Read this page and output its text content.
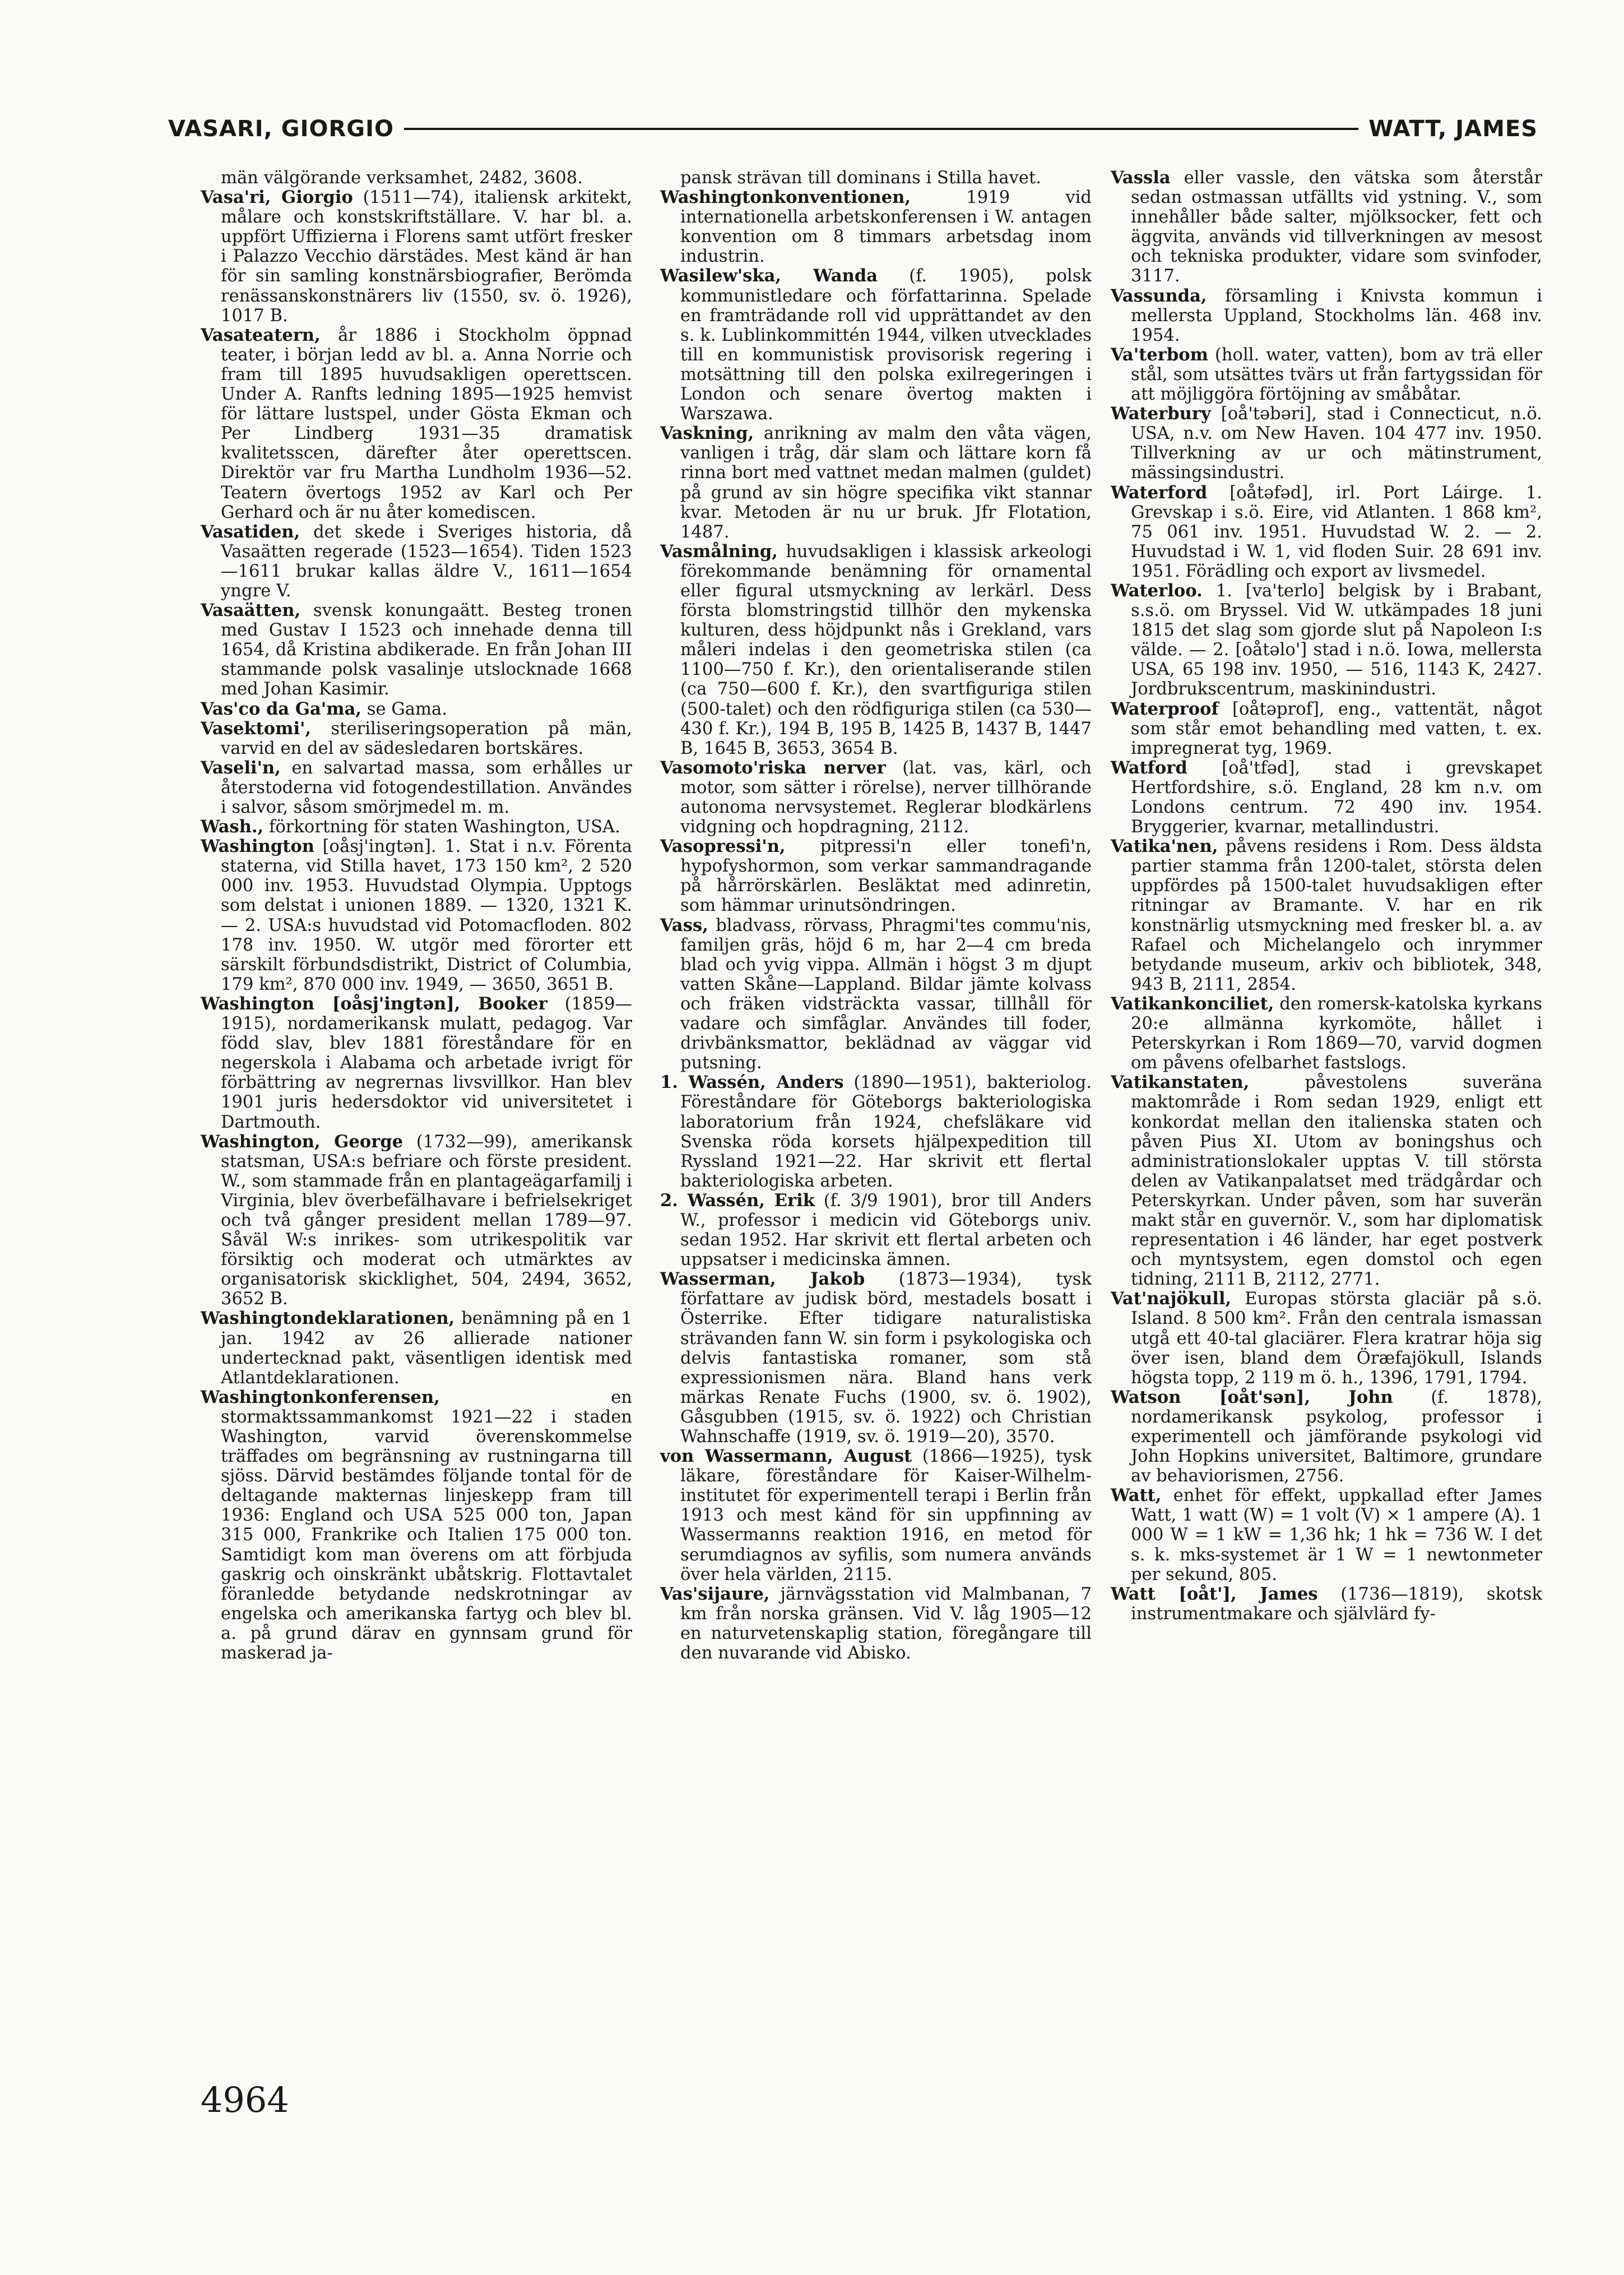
VASARI, GIORGIO	WATT, JAMES

män välgörande verksamhet, 2482, 3608.

Vasa'ri, Giorgio (1511—74), italiensk arkitekt, målare och konstskriftställare. V. har bl. a. uppfört Uffizierna i Florens samt utfört fresker i Palazzo Vecchio därstädes. Mest känd är han för sin samling konstnärsbiografier, Berömda renässanskonstnärers liv (1550, sv. ö. 1926), 1017 B.

Vasateatern, år 1886 i Stockholm öppnad teater, i början ledd av bl. a. Anna Norrie och fram till 1895 huvudsakligen operettscen. Under A. Ranfts ledning 1895—1925 hemvist för lättare lustspel, under Gösta Ekman och Per Lindberg 1931—35 dramatisk kvalitetsscen, därefter åter operettscen. Direktör var fru Martha Lundholm 1936—52. Teatern övertogs 1952 av Karl och Per Gerhard och är nu åter komediscen.

Vasatiden, det skede i Sveriges historia, då Vasaätten regerade (1523—1654). Tiden 1523—1611 brukar kallas äldre V., 1611—1654 yngre V.

Vasaätten, svensk konungaätt. Besteg tronen med Gustav I 1523 och innehade denna till 1654, då Kristina abdikerade. En från Johan III stammande polsk vasalinje utslocknade 1668 med Johan Kasimir.

Vas'co da Ga'ma, se Gama.

Vasektomi', steriliseringsoperation på män, varvid en del av sädesledaren bortskäres.

Vaseli'n, en salvartad massa, som erhålles ur återstoderna vid fotogendestillation. Användes i salvor, såsom smörjmedel m. m.

Wash., förkortning för staten Washington, USA.

Washington [oåsj'ingtən]. 1. Stat i n.v. Förenta staterna, vid Stilla havet, 173 150 km², 2 520 000 inv. 1953. Huvudstad Olympia. Upptogs som delstat i unionen 1889. — 1320, 1321 K. — 2. USA:s huvudstad vid Potomacfloden. 802 178 inv. 1950. W. utgör med förorter ett särskilt förbundsdistrikt, District of Columbia, 179 km², 870 000 inv. 1949, — 3650, 3651 B.

Washington [oåsj'ingtən], Booker (1859—1915), nordamerikansk mulatt, pedagog. Var född slav, blev 1881 föreståndare för en negerskola i Alabama och arbetade ivrigt för förbättring av negrernas livsvillkor. Han blev 1901 juris hedersdoktor vid universitetet i Dartmouth.

Washington, George (1732—99), amerikansk statsman, USA:s befriare och förste president. W., som stammade från en plantageägarfamilj i Virginia, blev överbefälhavare i befrielsekriget och två gånger president mellan 1789—97. Såväl W:s inrikes- som utrikespolitik var försiktig och moderat och utmärktes av organisatorisk skicklighet, 504, 2494, 3652, 3652 B.

Washingtondeklarationen, benämning på en 1 jan. 1942 av 26 allierade nationer undertecknad pakt, väsentligen identisk med Atlantdeklarationen.

Washingtonkonferensen,	en stormaktssammankomst 1921—22 i staden Washington, varvid överenskommelse träffades om begränsning av rustningarna till sjöss. Därvid bestämdes följande tontal för de deltagande makternas linjeskepp fram till 1936: England och USA 525 000 ton, Japan 315 000, Frankrike och Italien 175 000 ton. Samtidigt kom man överens om att förbjuda gaskrig och oinskränkt ubåtskrig. Flottavtalet föranledde betydande nedskrotningar av engelska och amerikanska fartyg och blev bl. a. på grund därav en gynnsam grund för maskerad ja-

pansk strävan till dominans i Stilla havet.

Washingtonkonventionen,	1919 vid internationella arbetskonferensen i W. antagen konvention om 8 timmars arbetsdag inom industrin.

Wasilew'ska, Wanda (f. 1905), polsk kommunistledare och författarinna. Spelade en framträdande roll vid upprättandet av den s. k. Lublinkommittén 1944, vilken utvecklades till en kommunistisk provisorisk regering i motsättning till den polska exilregeringen i London och senare övertog makten i Warszawa.

Vaskning, anrikning av malm den våta vägen, vanligen i tråg, där slam och lättare korn få rinna bort med vattnet medan malmen (guldet) på grund av sin högre specifika vikt stannar kvar. Metoden är nu ur bruk. Jfr Flotation, 1487.

Vasmålning, huvudsakligen i klassisk arkeologi förekommande benämning för ornamental eller figural utsmyckning av lerkärl. Dess första blomstringstid tillhör den mykenska kulturen, dess höjdpunkt nås i Grekland, vars måleri indelas i den geometriska stilen (ca 1100—750 f. Kr.), den orientaliserande stilen (ca 750—600 f. Kr.), den svartfigurigа stilen (500-talet) och den rödfigurigа stilen (ca 530—430 f. Kr.), 194 B, 195 B, 1425 B, 1437 B, 1447 B, 1645 B, 3653, 3654 B.

Vasomoto'riska nerver (lat. vas, kärl, och motor, som sätter i rörelse), nerver tillhörande autonoma nervsystemet. Reglerar blodkärlens vidgning och hopdragning, 2112.

Vasopressi'n, pitpressi'n eller tonefi'n, hypofyshormon, som verkar sammandragande på hårrörskärlen. Besläktat med adinretin, som hämmar urinutsöndringen.

Vass, bladvass, rörvass, Phragmi'tes commu'nis, familjen gräs, höjd 6 m, har 2—4 cm breda blad och yvig vippa. Allmän i högst 3 m djupt vatten Skåne—Lappland. Bildar jämte kolvass och fräken vidsträckta vassar, tillhåll för vadare och simfåglar. Användes till foder, drivbänksmattor, beklädnad av väggar vid putsning.

1. Wassén, Anders (1890—1951), bakteriolog. Föreståndare för Göteborgs bakteriologiska laboratorium från 1924, chefsläkare vid Svenska röda korsets hjälpexpedition till Ryssland 1921—22. Har skrivit ett flertal bakteriologiska arbeten.

2. Wassén, Erik (f. 3/9 1901), bror till Anders W., professor i medicin vid Göteborgs univ. sedan 1952. Har skrivit ett flertal arbeten och uppsatser i medicinska ämnen.

Wasserman, Jakob (1873—1934), tysk författare av judisk börd, mestadels bosatt i Österrike. Efter tidigare naturalistiska strävanden fann W. sin form i psykologiska och delvis fantastiska romaner, som stå expressionismen nära. Bland hans verk märkas Renate Fuchs (1900, sv. ö. 1902), Gåsgubben (1915, sv. ö. 1922) och Christian Wahnschaffe (1919, sv. ö. 1919—20), 3570.

von Wassermann, August (1866—1925), tysk läkare, föreståndare för Kaiser-Wilhelm-institutet för experimentell terapi i Berlin från 1913 och mest känd för sin uppfinning av Wassermanns reaktion 1916, en metod för serumdiagnos av syfilis, som numera används över hela världen, 2115.

Vas'sijaure, järnvägsstation vid Malmbanan, 7 km från norska gränsen. Vid V. låg 1905—12 en naturvetenskaplig station, föregångare till den nuvarande vid Abisko.

Vassla eller vassle, den vätska som återstår sedan ostmassan utfällts vid ystning. V., som innehåller både salter, mjölksocker, fett och äggvita, används vid tillverkningen av mesost och tekniska produkter, vidare som svinfoder, 3117.

Vassunda, församling i Knivsta kommun i mellersta Uppland, Stockholms län. 468 inv. 1954.

Va'terbom (holl. water, vatten), bom av trä eller stål, som utsättes tvärs ut från fartygssidan för att möjliggöra förtöjning av småbåtar.

Waterbury [oå'təbəri], stad i Connecticut, n.ö. USA, n.v. om New Haven. 104 477 inv. 1950. Tillverkning av ur och mätinstrument, mässingsindustri.

Waterford [oåtəfəd], irl. Port Láirge. 1. Grevskap i s.ö. Eire, vid Atlanten. 1 868 km², 75 061 inv. 1951. Huvudstad W. 2. — 2. Huvudstad i W. 1, vid floden Suir. 28 691 inv. 1951. Förädling och export av livsmedel.

Waterloo. 1. [va'terlo] belgisk by i Brabant, s.s.ö. om Bryssel. Vid W. utkämpades 18 juni 1815 det slag som gjorde slut på Napoleon I:s välde. — 2. [oåtəlo'] stad i n.ö. Iowa, mellersta USA, 65 198 inv. 1950, — 516, 1143 K, 2427. Jordbrukscentrum, maskinindustri.

Waterproof [oåtəprof], eng., vattentät, något som står emot behandling med vatten, t. ex. impregnerat tyg, 1969.

Watford [oå'tfəd], stad i grevskapet Hertfordshire, s.ö. England, 28 km n.v. om Londons centrum. 72 490 inv. 1954. Bryggerier, kvarnar, metallindustri.

Vatika'nen, påvens residens i Rom. Dess äldsta partier stamma från 1200-talet, största delen uppfördes på 1500-talet huvudsakligen efter ritningar av Bramante. V. har en rik konstnärlig utsmyckning med fresker bl. a. av Rafael och Michelangelo och inrymmer betydande museum, arkiv och bibliotek, 348, 943 B, 2111, 2854.

Vatikankonciliet, den romersk-katolska kyrkans 20:e allmänna kyrkomöte, hållet i Peterskyrkan i Rom 1869—70, varvid dogmen om påvens ofelbarhet fastslogs.

Vatikanstaten,	påvestolens suveräna maktområde i Rom sedan 1929, enligt ett konkordat mellan den italienska staten och påven Pius XI. Utom av boningshus och administrationslokaler upptas V. till största delen av Vatikanpalatset med trädgårdar och Peterskyrkan. Under påven, som har suverän makt står en guvernör. V., som har diplomatisk representation i 46 länder, har eget postverk och myntsystem, egen domstol och egen tidning, 2111 B, 2112, 2771.

Vat'najökull, Europas största glaciär på s.ö. Island. 8 500 km². Från den centrala ismassan utgå ett 40-tal glaciärer. Flera kratrar höja sig över isen, bland dem Öræfajökull, Islands högsta topp, 2 119 m ö. h., 1396, 1791, 1794.

Watson [oåt'sən], John (f. 1878), nordamerikansk psykolog, professor i experimentell och jämförande psykologi vid John Hopkins universitet, Baltimore, grundare av behaviorismen, 2756.

Watt, enhet för effekt, uppkallad efter James Watt, 1 watt (W) = 1 volt (V) × 1 ampere (A). 1 000 W = 1 kW = 1,36 hk; 1 hk = 736 W. I det s. k. mks-systemet är 1 W = 1 newtonmeter per sekund, 805.

Watt [oåt'], James (1736—1819), skotsk instrumentmakare och självlärd fy-

4964
